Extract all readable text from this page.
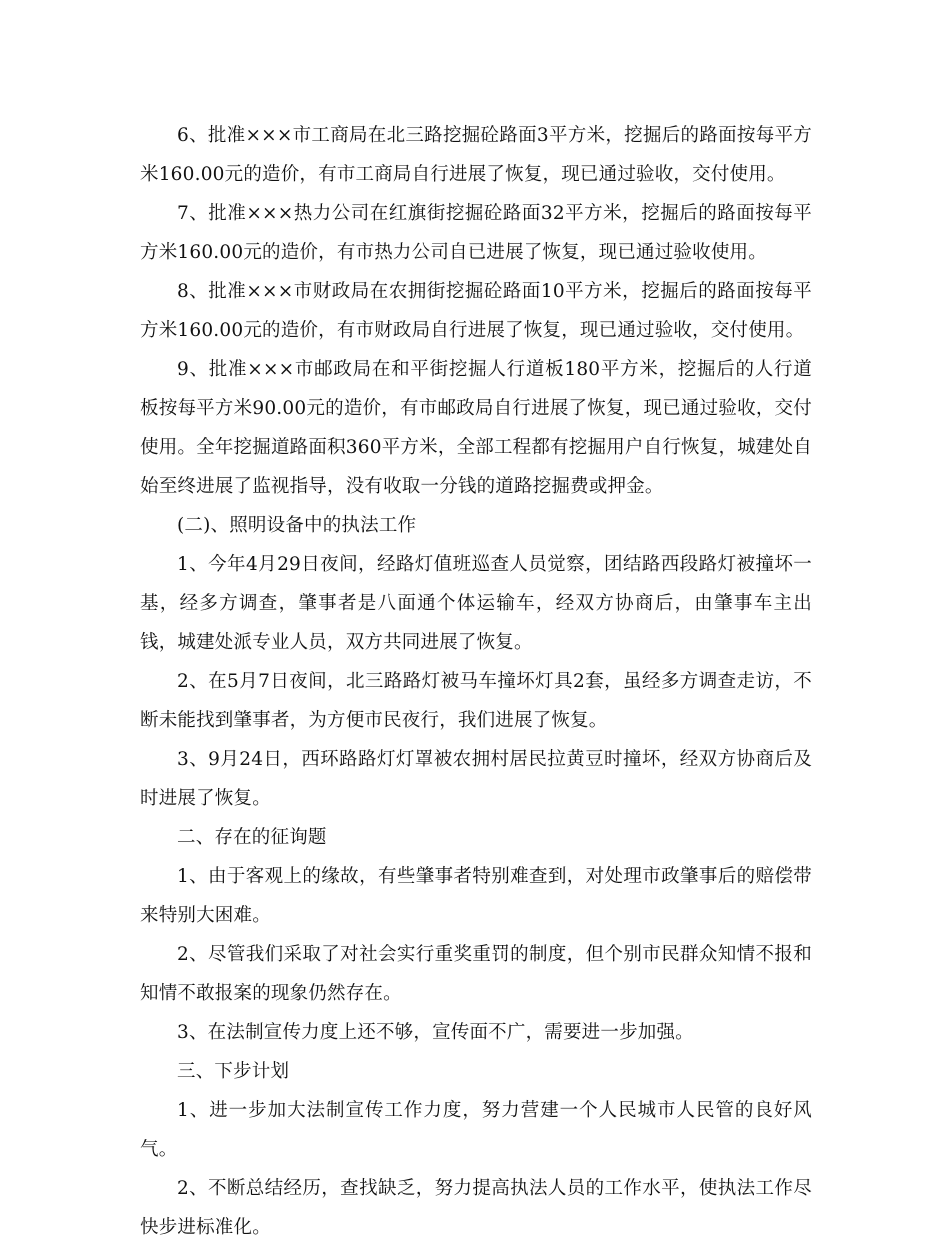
6、批准×××市工商局在北三路挖掘砼路面3平方米，挖掘后的路面按每平方米160.00元的造价，有市工商局自行进展了恢复，现已通过验收，交付使用。

7、批准×××热力公司在红旗街挖掘砼路面32平方米，挖掘后的路面按每平方米160.00元的造价，有市热力公司自已进展了恢复，现已通过验收使用。

8、批准×××市财政局在农拥街挖掘砼路面10平方米，挖掘后的路面按每平方米160.00元的造价，有市财政局自行进展了恢复，现已通过验收，交付使用。

9、批准×××市邮政局在和平街挖掘人行道板180平方米，挖掘后的人行道板按每平方米90.00元的造价，有市邮政局自行进展了恢复，现已通过验收，交付使用。全年挖掘道路面积360平方米，全部工程都有挖掘用户自行恢复，城建处自始至终进展了监视指导，没有收取一分钱的道路挖掘费或押金。

(二)、照明设备中的执法工作

1、今年4月29日夜间，经路灯值班巡查人员觉察，团结路西段路灯被撞坏一基，经多方调查，肇事者是八面通个体运输车，经双方协商后，由肇事车主出钱，城建处派专业人员，双方共同进展了恢复。

2、在5月7日夜间，北三路路灯被马车撞坏灯具2套，虽经多方调查走访，不断未能找到肇事者，为方便市民夜行，我们进展了恢复。

3、9月24日，西环路路灯灯罩被农拥村居民拉黄豆时撞坏，经双方协商后及时进展了恢复。

二、存在的征询题

1、由于客观上的缘故，有些肇事者特别难查到，对处理市政肇事后的赔偿带来特别大困难。

2、尽管我们采取了对社会实行重奖重罚的制度，但个别市民群众知情不报和知情不敢报案的现象仍然存在。

3、在法制宣传力度上还不够，宣传面不广，需要进一步加强。

三、下步计划

1、进一步加大法制宣传工作力度，努力营建一个人民城市人民管的良好风气。

2、不断总结经历，查找缺乏，努力提高执法人员的工作水平，使执法工作尽快步进标准化。
